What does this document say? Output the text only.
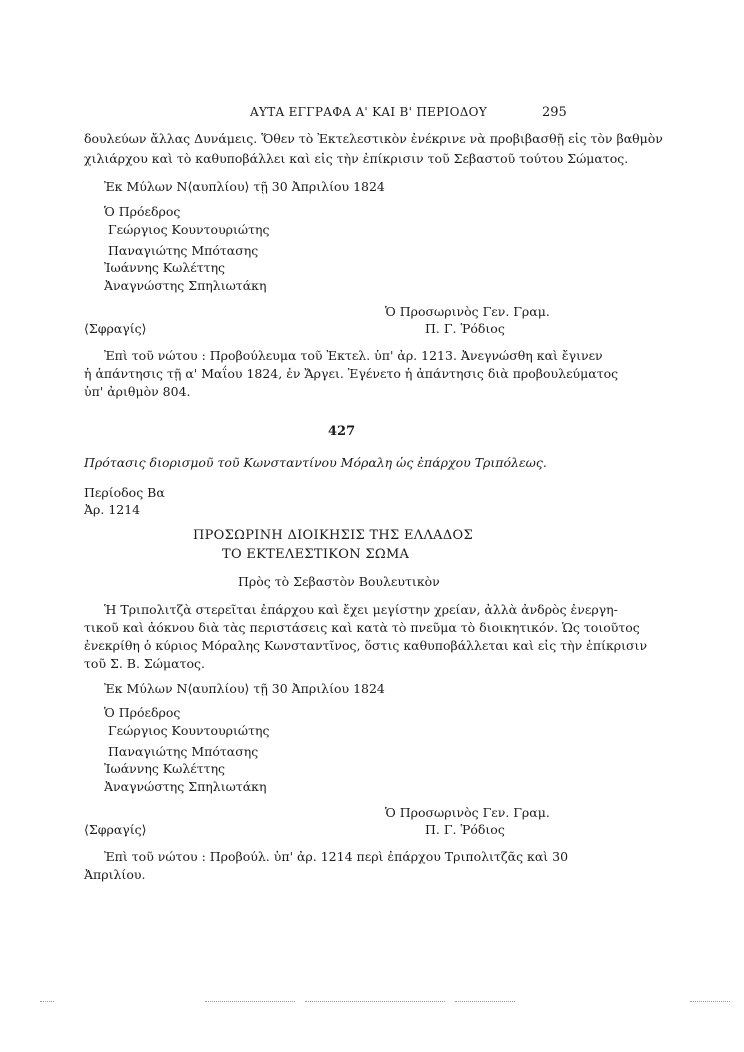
ΑΥΤΑ ΕΓΓΡΑΦΑ Α' ΚΑΙ Β' ΠΕΡΙΟΔΟΥ	295
δουλεύων ἄλλας Δυνάμεις. Ὅθεν τὸ Ἐκτελεστικὸν ἐνέκρινε νὰ προβιβασθῇ εἰς τὸν βαθμὸν
χιλιάρχου καὶ τὸ καθυποβάλλει καὶ εἰς τὴν ἐπίκρισιν τοῦ Σεβαστοῦ τούτου Σώματος.
Ἐκ Μύλων Ν⟨αυπλίου⟩ τῇ 30 Ἀπριλίου 1824
Ὁ Πρόεδρος
Γεώργιος Κουντουριώτης
Παναγιώτης Μπότασης
Ἰωάννης Κωλέττης
Ἀναγνώστης Σπηλιωτάκη
Ὁ Προσωρινὸς Γεν. Γραμ.
⟨Σφραγίς⟩	Π. Γ. Ῥόδιος
Ἐπὶ τοῦ νώτου : Προβούλευμα τοῦ Ἐκτελ. ὑπ' ἀρ. 1213. Ἀνεγνώσθη καὶ ἔγινεν
ἡ ἀπάντησις τῇ α' Μαΐου 1824, ἐν Ἄργει. Ἐγένετο ἡ ἀπάντησις διὰ προβουλεύματος
ὑπ' ἀριθμὸν 804.
427
Πρότασις διορισμοῦ τοῦ Κωνσταντίνου Μόραλη ὡς ἐπάρχου Τριπόλεως.
Περίοδος Βα
Ἀρ. 1214
ΠΡΟΣΩΡΙΝΗ ΔΙΟΙΚΗΣΙΣ ΤΗΣ ΕΛΛΑΔΟΣ
ΤΟ ΕΚΤΕΛΕΣΤΙΚΟΝ ΣΩΜΑ
Πρὸς τὸ Σεβαστὸν Βουλευτικὸν
Ἡ Τριπολιτζὰ στερεῖται ἐπάρχου καὶ ἔχει μεγίστην χρείαν, ἀλλὰ ἀνδρὸς ἐνεργη-
τικοῦ καὶ ἀόκνου διὰ τὰς περιστάσεις καὶ κατὰ τὸ πνεῦμα τὸ διοικητικόν. Ὡς τοιοῦτος
ἐνεκρίθη ὁ κύριος Μόραλης Κωνσταντῖνος, ὅστις καθυποβάλλεται καὶ εἰς τὴν ἐπίκρισιν
τοῦ Σ. Β. Σώματος.
Ἐκ Μύλων Ν⟨αυπλίου⟩ τῇ 30 Ἀπριλίου 1824
Ὁ Πρόεδρος
Γεώργιος Κουντουριώτης
Παναγιώτης Μπότασης
Ἰωάννης Κωλέττης
Ἀναγνώστης Σπηλιωτάκη
Ὁ Προσωρινὸς Γεν. Γραμ.
⟨Σφραγίς⟩	Π. Γ. Ῥόδιος
Ἐπὶ τοῦ νώτου : Προβούλ. ὑπ' ἀρ. 1214 περὶ ἐπάρχου Τριπολιτζᾶς καὶ 30
Ἀπριλίου.
